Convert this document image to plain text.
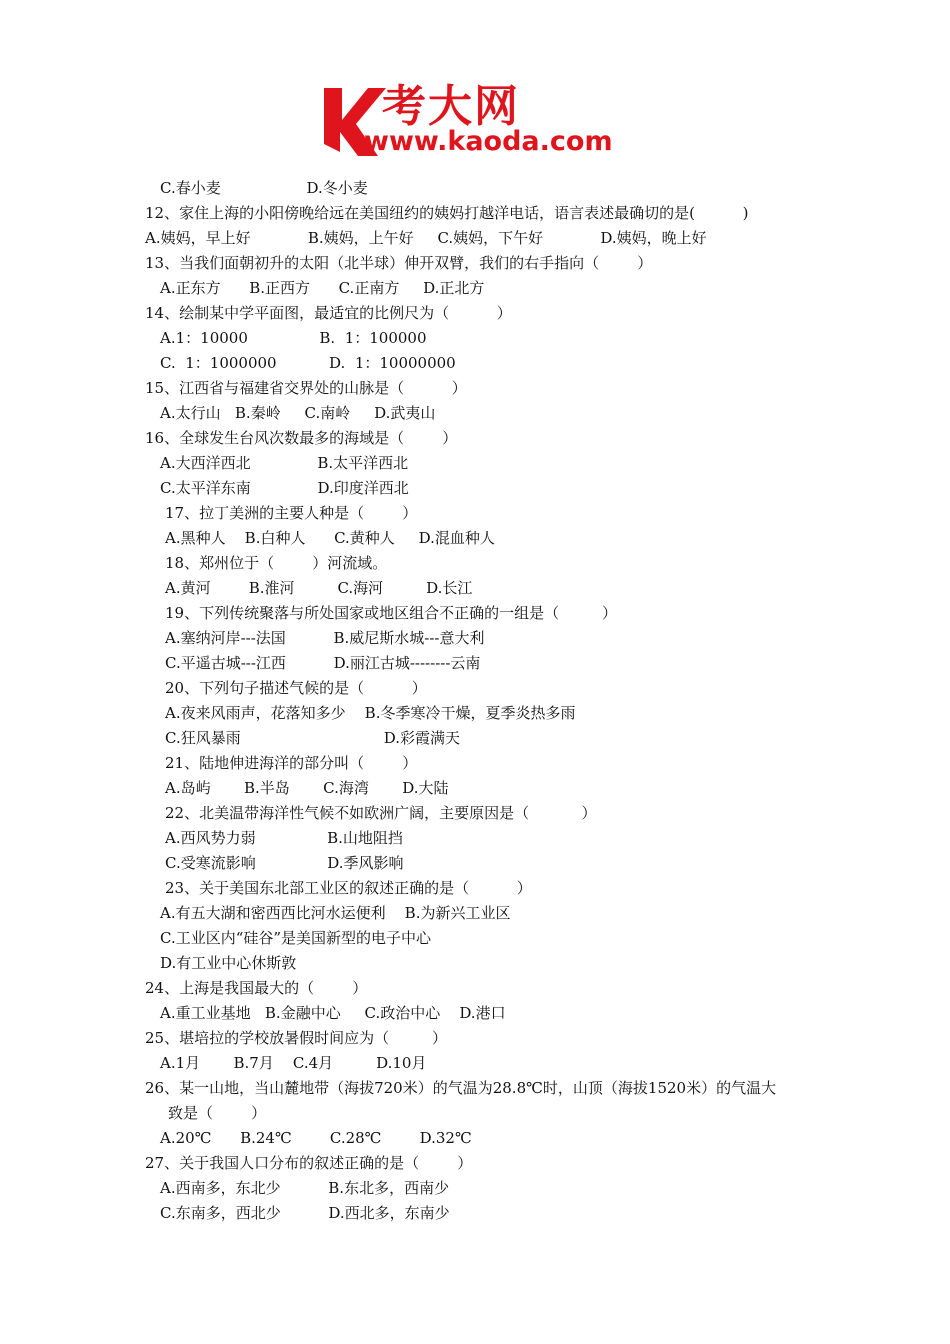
考大网
www.kaoda.com
C.春小麦                  D.冬小麦
12、家住上海的小阳傍晚给远在美国纽约的姨妈打越洋电话，语言表述最确切的是(          )
A.姨妈，早上好            B.姨妈，上午好     C.姨妈，下午好            D.姨妈，晚上好
13、当我们面朝初升的太阳（北半球）伸开双臂，我们的右手指向（        ）
A.正东方      B.正西方      C.正南方     D.正北方
14、绘制某中学平面图，最适宜的比例尺为（          ）
A.1：10000               B.  1：100000
C.  1：1000000           D.  1：10000000
15、江西省与福建省交界处的山脉是（          ）
A.太行山   B.秦岭     C.南岭     D.武夷山
16、全球发生台风次数最多的海域是（        ）
A.大西洋西北              B.太平洋西北
C.太平洋东南              D.印度洋西北
17、拉丁美洲的主要人种是（        ）
A.黑种人    B.白种人      C.黄种人     D.混血种人
18、郑州位于（        ）河流域。
A.黄河        B.淮河         C.海河         D.长江
19、下列传统聚落与所处国家或地区组合不正确的一组是（         ）
A.塞纳河岸---法国          B.威尼斯水城---意大利
C.平遥古城---江西          D.丽江古城--------云南
20、下列句子描述气候的是（          ）
A.夜来风雨声，花落知多少    B.冬季寒冷干燥，夏季炎热多雨
C.狂风暴雨                              D.彩霞满天
21、陆地伸进海洋的部分叫（        ）
A.岛屿       B.半岛       C.海湾       D.大陆
22、北美温带海洋性气候不如欧洲广阔，主要原因是（           ）
A.西风势力弱               B.山地阻挡
C.受寒流影响               D.季风影响
23、关于美国东北部工业区的叙述正确的是（          ）
A.有五大湖和密西西比河水运便利    B.为新兴工业区
C.工业区内“硅谷”是美国新型的电子中心
D.有工业中心休斯敦
24、上海是我国最大的（        ）
A.重工业基地   B.金融中心     C.政治中心    D.港口
25、堪培拉的学校放暑假时间应为（         ）
A.1月       B.7月    C.4月         D.10月
26、某一山地，当山麓地带（海拔720米）的气温为28.8℃时，山顶（海拔1520米）的气温大
致是（        ）
A.20℃      B.24℃        C.28℃        D.32℃
27、关于我国人口分布的叙述正确的是（        ）
A.西南多，东北少          B.东北多，西南少
C.东南多，西北少          D.西北多，东南少
